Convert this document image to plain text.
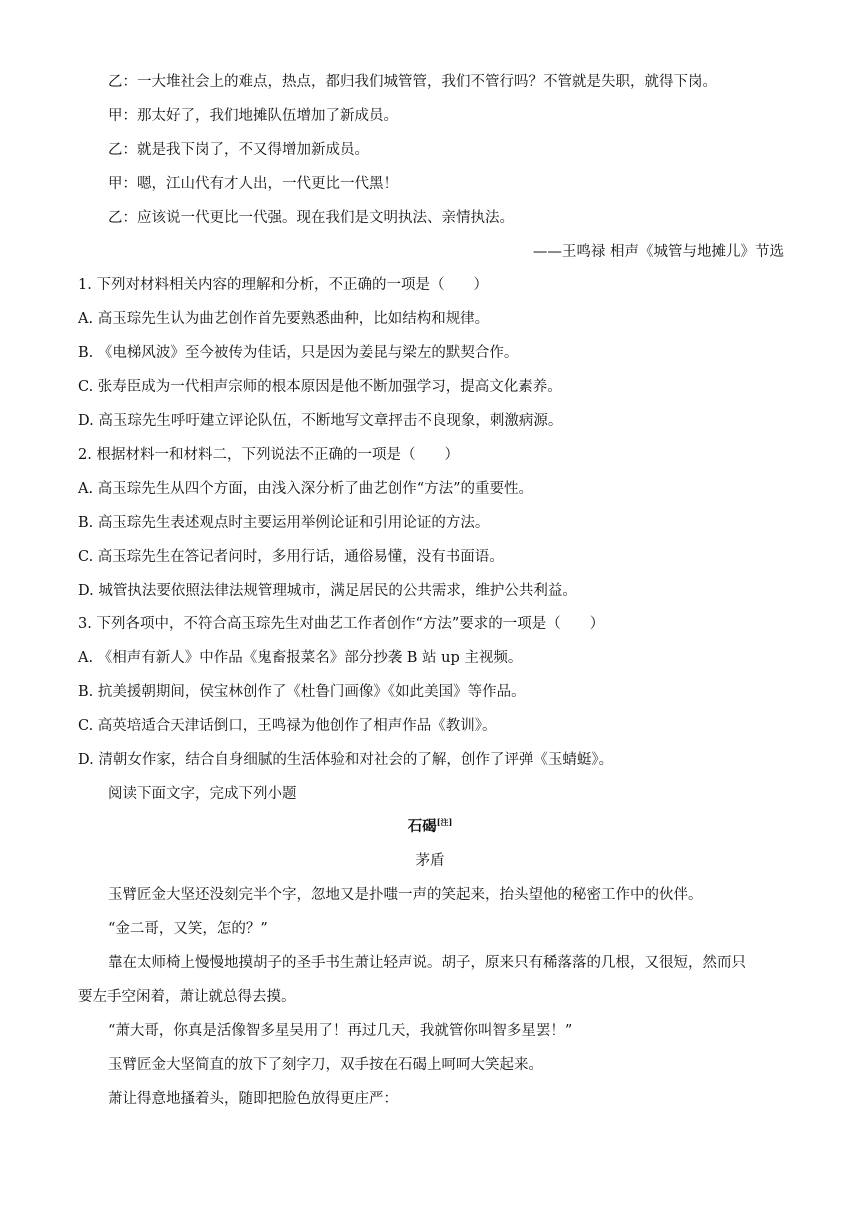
乙：一大堆社会上的难点，热点，都归我们城管管，我们不管行吗？不管就是失职，就得下岗。
甲：那太好了，我们地摊队伍增加了新成员。
乙：就是我下岗了，不又得增加新成员。
甲：嗯，江山代有才人出，一代更比一代黑！
乙：应该说一代更比一代强。现在我们是文明执法、亲情执法。
——王鸣禄 相声《城管与地摊儿》节选
1. 下列对材料相关内容的理解和分析，不正确的一项是（　　）
A. 高玉琮先生认为曲艺创作首先要熟悉曲种，比如结构和规律。
B. 《电梯风波》至今被传为佳话，只是因为姜昆与梁左的默契合作。
C. 张寿臣成为一代相声宗师的根本原因是他不断加强学习，提高文化素养。
D. 高玉琮先生呼吁建立评论队伍，不断地写文章抨击不良现象，刺激病源。
2. 根据材料一和材料二，下列说法不正确的一项是（　　）
A. 高玉琮先生从四个方面，由浅入深分析了曲艺创作“方法”的重要性。
B. 高玉琮先生表述观点时主要运用举例论证和引用论证的方法。
C. 高玉琮先生在答记者问时，多用行话，通俗易懂，没有书面语。
D. 城管执法要依照法律法规管理城市，满足居民的公共需求，维护公共利益。
3. 下列各项中，不符合高玉琮先生对曲艺工作者创作“方法”要求的一项是（　　）
A. 《相声有新人》中作品《鬼畜报菜名》部分抄袭 B 站 up 主视频。
B. 抗美援朝期间，侯宝林创作了《杜鲁门画像》《如此美国》等作品。
C. 高英培适合天津话倒口，王鸣禄为他创作了相声作品《教训》。
D. 清朝女作家，结合自身细腻的生活体验和对社会的了解，创作了评弹《玉蜻蜓》。
阅读下面文字，完成下列小题
石碣[注]
茅盾
玉臂匠金大坚还没刻完半个字，忽地又是扑嗤一声的笑起来，抬头望他的秘密工作中的伙伴。
“金二哥，又笑，怎的？”
靠在太师椅上慢慢地摸胡子的圣手书生萧让轻声说。胡子，原来只有稀落落的几根，又很短，然而只
要左手空闲着，萧让就总得去摸。
“萧大哥，你真是活像智多星吴用了！再过几天，我就管你叫智多星罢！”
玉臂匠金大坚简直的放下了刻字刀，双手按在石碣上呵呵大笑起来。
萧让得意地搔着头，随即把脸色放得更庄严：
